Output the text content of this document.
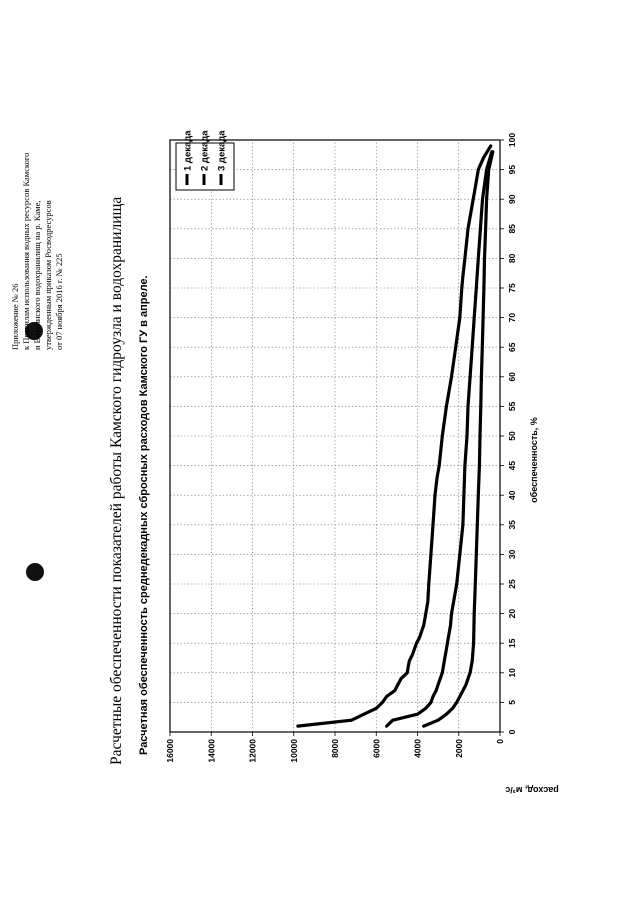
Приложение № 26 к Правилам использования водных ресурсов Камского и Воткинского водохранилищ на р. Каме, утвержденным приказом Росводресурсов от 07 ноября 2016 г. № 225	Расчетные обеспеченности показателей работы Камского гидроузла и водохранилища Расчетная обеспеченность среднедекадных сбросных расходов Камского ГУ в апреле.	0
5
10
15
20
25
30
35
40
45
50
55
60
65
70
75
80
85
90
95
100
0
2000
4000
6000
8000
10000
12000
14000
16000
обеспеченность, %
расход, м³/с
1 декада 2 декада 3 декада
